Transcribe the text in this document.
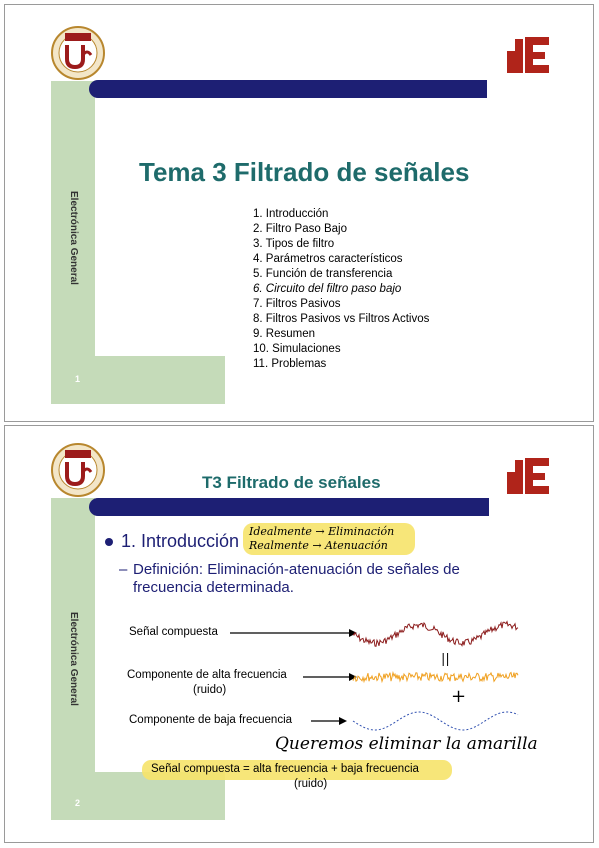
Electrónica General
1
Tema 3 Filtrado de señales
1. Introducción
2. Filtro Paso Bajo
3. Tipos de filtro
4. Parámetros característicos
5. Función de transferencia
6. Circuito del filtro paso bajo
7. Filtros Pasivos
8. Filtros Pasivos vs Filtros Activos
9. Resumen
10. Simulaciones
11. Problemas
Electrónica General
2
T3 Filtrado de señales
1. Introducción Idealmente → Eliminación
Realmente → Atenuación
– Definición: Eliminación-atenuación de señales de frecuencia determinada.
Señal compuesta
Componente de alta frecuencia
(ruido)
Componente de baja frecuencia
||
+
Queremos eliminar la amarilla
Señal compuesta = alta frecuencia + baja frecuencia
(ruido)
